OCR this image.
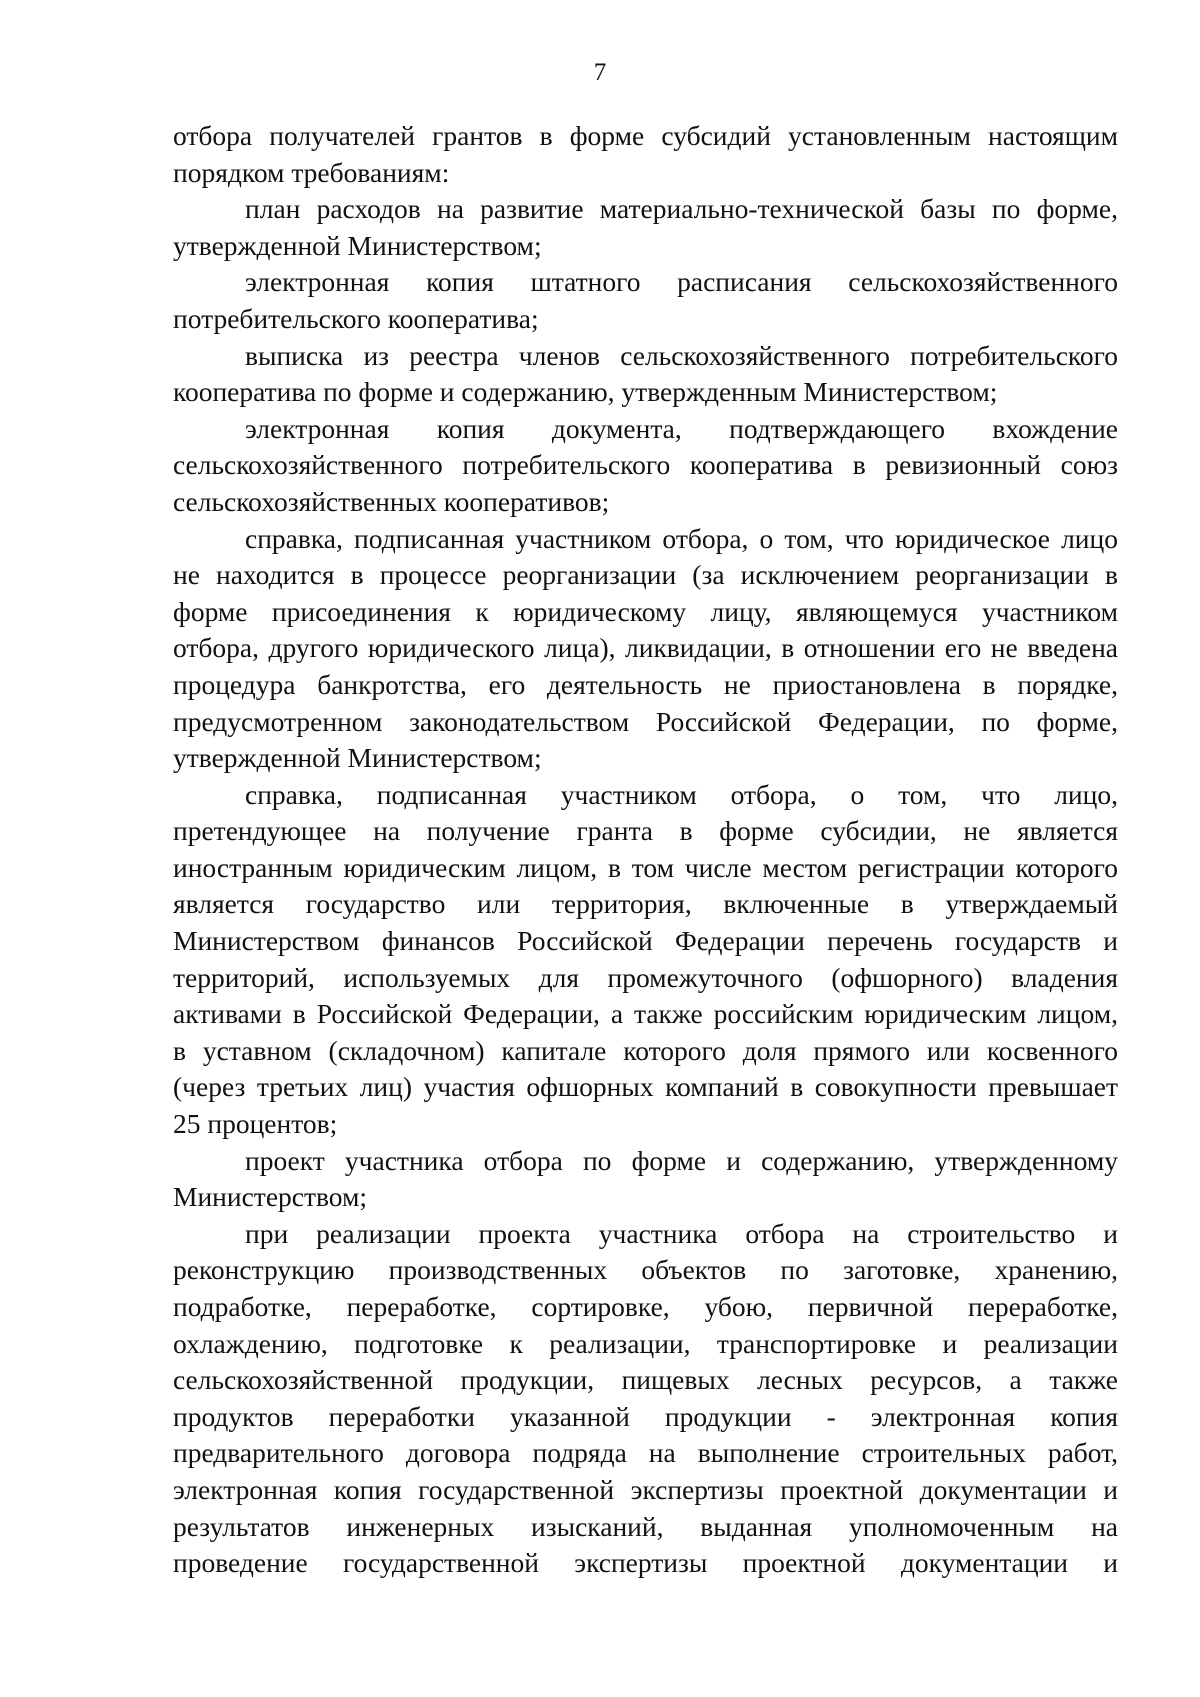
7
отбора получателей грантов в форме субсидий установленным настоящим
порядком требованиям:
план расходов на развитие материально-технической базы по форме,
утвержденной Министерством;
электронная копия штатного расписания сельскохозяйственного
потребительского кооператива;
выписка из реестра членов сельскохозяйственного потребительского
кооператива по форме и содержанию, утвержденным Министерством;
электронная копия документа, подтверждающего вхождение
сельскохозяйственного потребительского кооператива в ревизионный союз
сельскохозяйственных кооперативов;
справка, подписанная участником отбора, о том, что юридическое лицо
не находится в процессе реорганизации (за исключением реорганизации в
форме присоединения к юридическому лицу, являющемуся участником
отбора, другого юридического лица), ликвидации, в отношении его не введена
процедура банкротства, его деятельность не приостановлена в порядке,
предусмотренном законодательством Российской Федерации, по форме,
утвержденной Министерством;
справка, подписанная участником отбора, о том, что лицо,
претендующее на получение гранта в форме субсидии, не является
иностранным юридическим лицом, в том числе местом регистрации которого
является государство или территория, включенные в утверждаемый
Министерством финансов Российской Федерации перечень государств и
территорий, используемых для промежуточного (офшорного) владения
активами в Российской Федерации, а также российским юридическим лицом,
в уставном (складочном) капитале которого доля прямого или косвенного
(через третьих лиц) участия офшорных компаний в совокупности превышает
25 процентов;
проект участника отбора по форме и содержанию, утвержденному
Министерством;
при реализации проекта участника отбора на строительство и
реконструкцию производственных объектов по заготовке, хранению,
подработке, переработке, сортировке, убою, первичной переработке,
охлаждению, подготовке к реализации, транспортировке и реализации
сельскохозяйственной продукции, пищевых лесных ресурсов, а также
продуктов переработки указанной продукции - электронная копия
предварительного договора подряда на выполнение строительных работ,
электронная копия государственной экспертизы проектной документации и
результатов инженерных изысканий, выданная уполномоченным на
проведение государственной экспертизы проектной документации и
